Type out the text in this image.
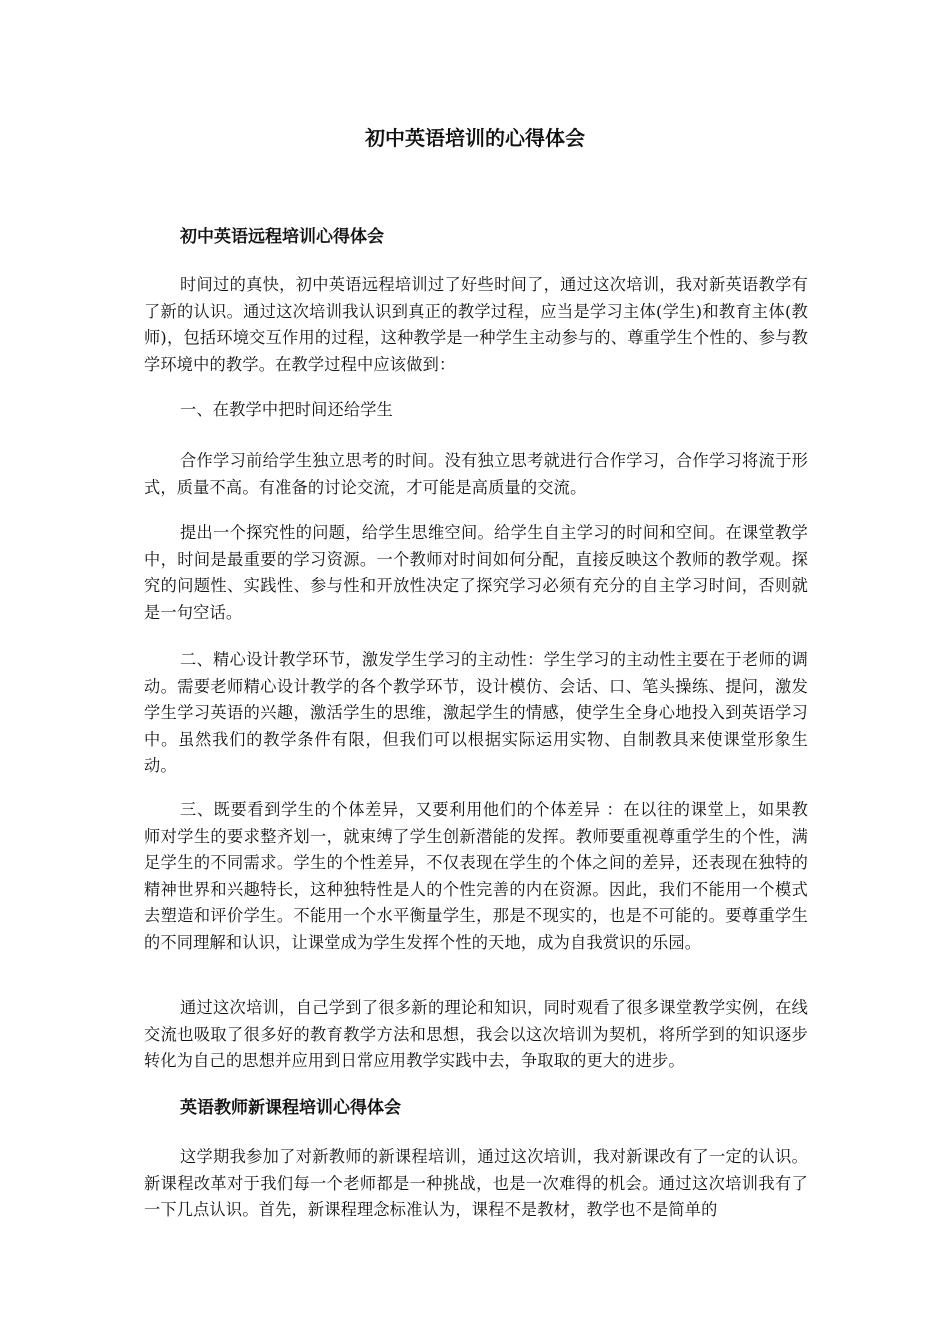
初中英语培训的心得体会
初中英语远程培训心得体会

时间过的真快，初中英语远程培训过了好些时间了，通过这次培训，我对新英语教学有了新的认识。通过这次培训我认识到真正的教学过程，应当是学习主体(学生)和教育主体(教师)，包括环境交互作用的过程，这种教学是一种学生主动参与的、尊重学生个性的、参与教学环境中的教学。在教学过程中应该做到：

一、在教学中把时间还给学生

合作学习前给学生独立思考的时间。没有独立思考就进行合作学习，合作学习将流于形式，质量不高。有准备的讨论交流，才可能是高质量的交流。

提出一个探究性的问题，给学生思维空间。给学生自主学习的时间和空间。在课堂教学中，时间是最重要的学习资源。一个教师对时间如何分配，直接反映这个教师的教学观。探究的问题性、实践性、参与性和开放性决定了探究学习必须有充分的自主学习时间，否则就是一句空话。

二、精心设计教学环节，激发学生学习的主动性：学生学习的主动性主要在于老师的调动。需要老师精心设计教学的各个教学环节，设计模仿、会话、口、笔头操练、提问，激发学生学习英语的兴趣，激活学生的思维，激起学生的情感，使学生全身心地投入到英语学习中。虽然我们的教学条件有限，但我们可以根据实际运用实物、自制教具来使课堂形象生动。

三、既要看到学生的个体差异，又要利用他们的个体差异 ：在以往的课堂上，如果教师对学生的要求整齐划一，就束缚了学生创新潜能的发挥。教师要重视尊重学生的个性，满足学生的不同需求。学生的个性差异，不仅表现在学生的个体之间的差异，还表现在独特的精神世界和兴趣特长，这种独特性是人的个性完善的内在资源。因此，我们不能用一个模式去塑造和评价学生。不能用一个水平衡量学生，那是不现实的，也是不可能的。要尊重学生的不同理解和认识，让课堂成为学生发挥个性的天地，成为自我赏识的乐园。

通过这次培训，自己学到了很多新的理论和知识，同时观看了很多课堂教学实例，在线交流也吸取了很多好的教育教学方法和思想，我会以这次培训为契机，将所学到的知识逐步转化为自己的思想并应用到日常应用教学实践中去，争取取的更大的进步。

英语教师新课程培训心得体会

这学期我参加了对新教师的新课程培训，通过这次培训，我对新课改有了一定的认识。新课程改革对于我们每一个老师都是一种挑战，也是一次难得的机会。通过这次培训我有了一下几点认识。首先，新课程理念标准认为，课程不是教材，教学也不是简单的
